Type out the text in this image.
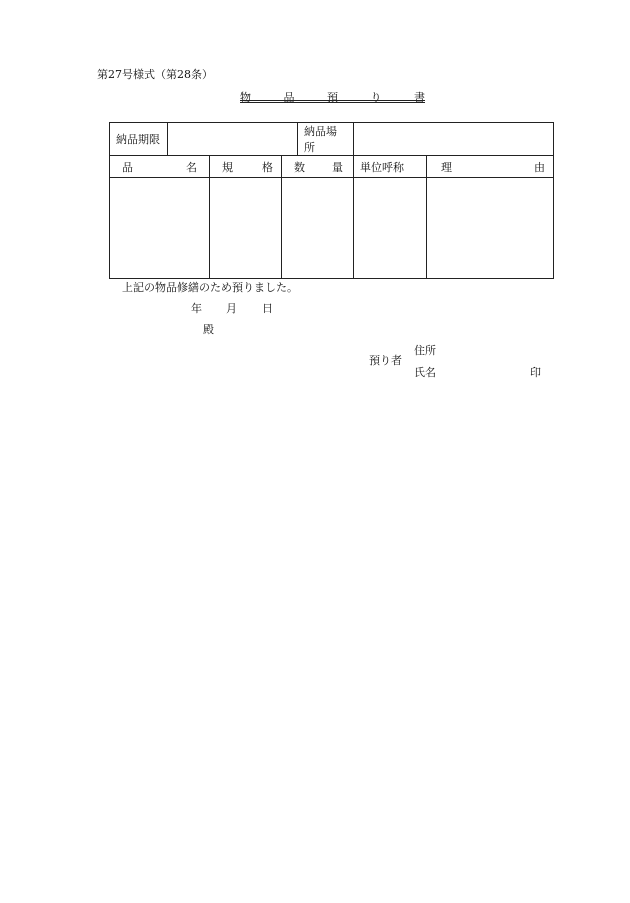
第27号様式（第28条）
物	品	預	り	書
納品期限				納品場所		

品 名		規 格	数 量		単位呼称	理 由

上記の物品修繕のため預りました。
年	月	日
殿
預り者
住所
氏名	印
